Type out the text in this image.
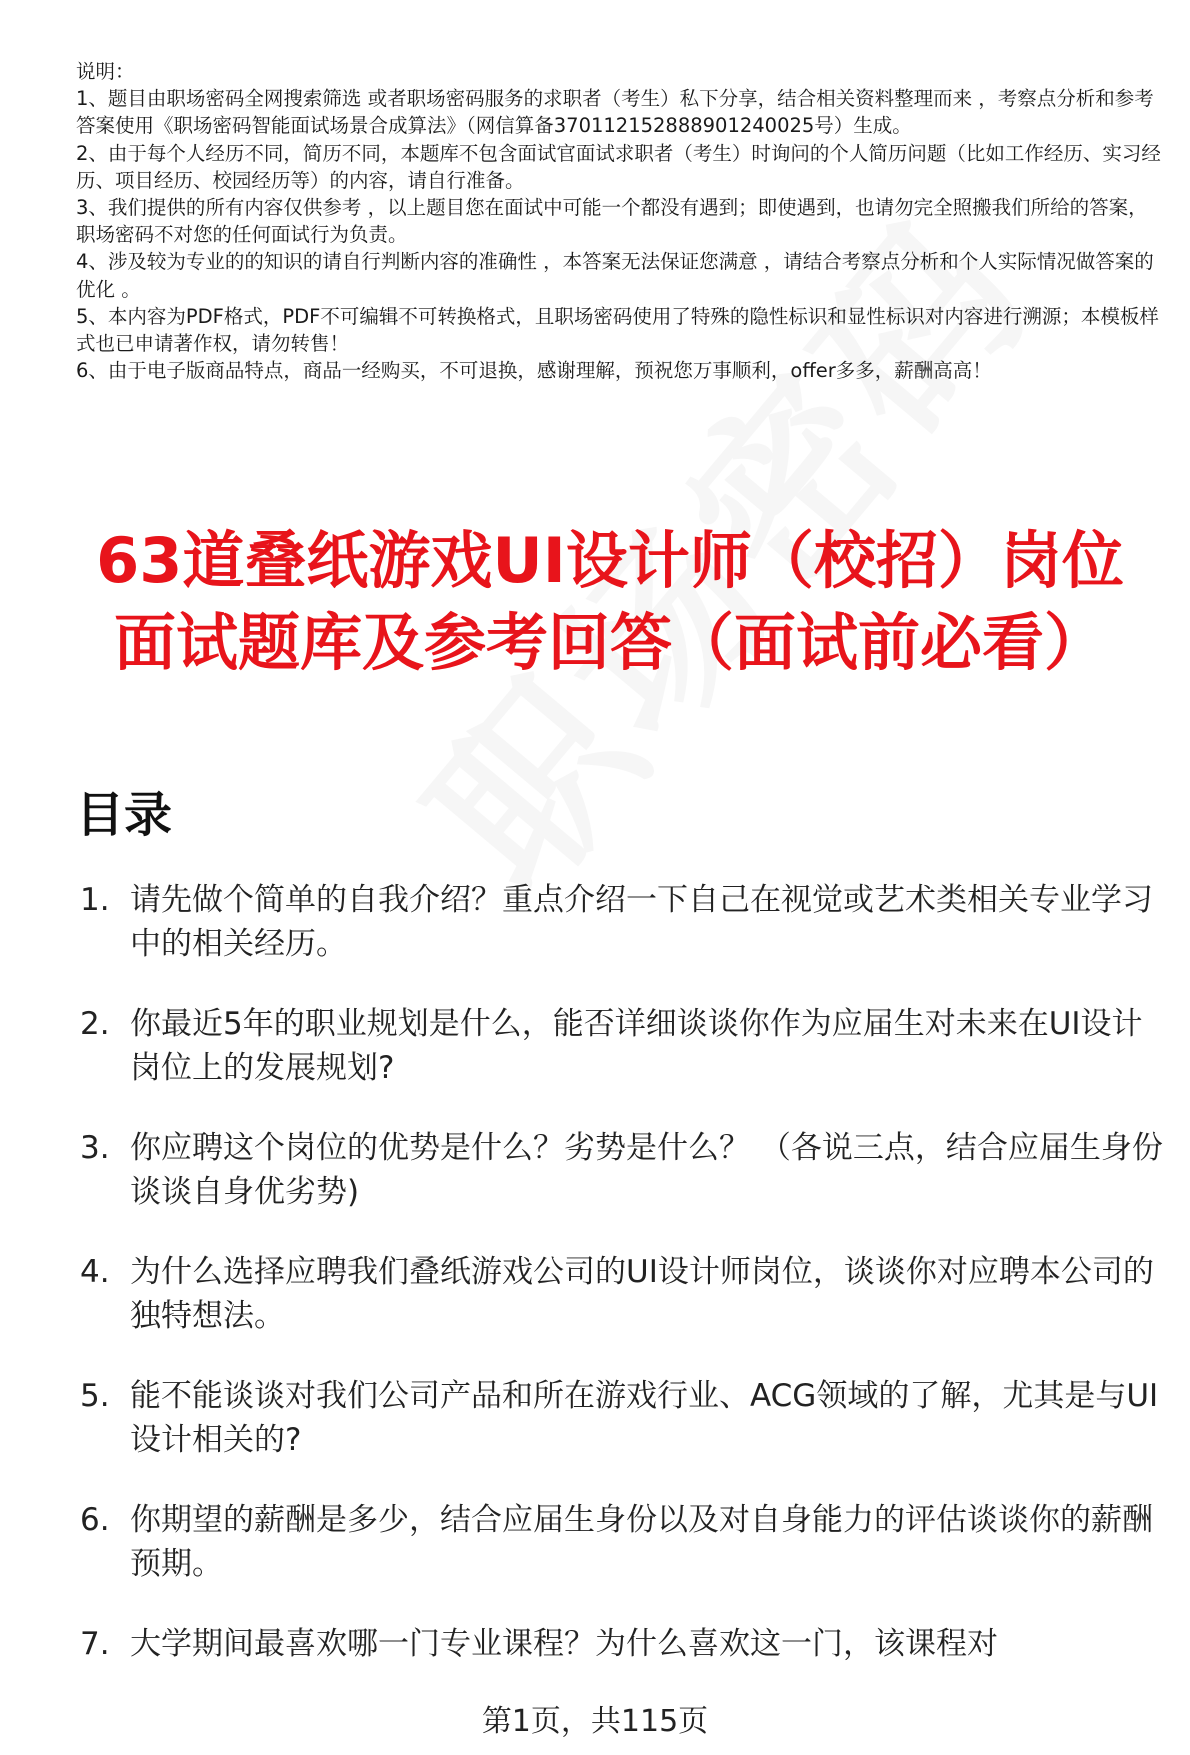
说明：
1、题目由职场密码全网搜索筛选 或者职场密码服务的求职者（考生）私下分享，结合相关资料整理而来 ，考察点分析和参考答案使用《职场密码智能面试场景合成算法》（网信算备370112152888901240025号）生成。
2、由于每个人经历不同，简历不同，本题库不包含面试官面试求职者（考生）时询问的个人简历问题（比如工作经历、实习经历、项目经历、校园经历等）的内容，请自行准备。
3、我们提供的所有内容仅供参考 ，以上题目您在面试中可能一个都没有遇到；即使遇到，也请勿完全照搬我们所给的答案，职场密码不对您的任何面试行为负责。
4、涉及较为专业的的知识的请自行判断内容的准确性 ，本答案无法保证您满意 ，请结合考察点分析和个人实际情况做答案的优化 。
5、本内容为PDF格式，PDF不可编辑不可转换格式，且职场密码使用了特殊的隐性标识和显性标识对内容进行溯源；本模板样式也已申请著作权，请勿转售！
6、由于电子版商品特点，商品一经购买，不可退换，感谢理解，预祝您万事顺利，offer多多，薪酬高高！
63道叠纸游戏UI设计师（校招）岗位面试题库及参考回答（面试前必看）
目录
1. 请先做个简单的自我介绍？重点介绍一下自己在视觉或艺术类相关专业学习中的相关经历。
2. 你最近5年的职业规划是什么，能否详细谈谈你作为应届生对未来在UI设计岗位上的发展规划?
3. 你应聘这个岗位的优势是什么？劣势是什么？ （各说三点，结合应届生身份谈谈自身优劣势)
4. 为什么选择应聘我们叠纸游戏公司的UI设计师岗位，谈谈你对应聘本公司的独特想法。
5. 能不能谈谈对我们公司产品和所在游戏行业、ACG领域的了解，尤其是与UI设计相关的?
6. 你期望的薪酬是多少，结合应届生身份以及对自身能力的评估谈谈你的薪酬预期。
7. 大学期间最喜欢哪一门专业课程？为什么喜欢这一门，该课程对
第1页，共115页
